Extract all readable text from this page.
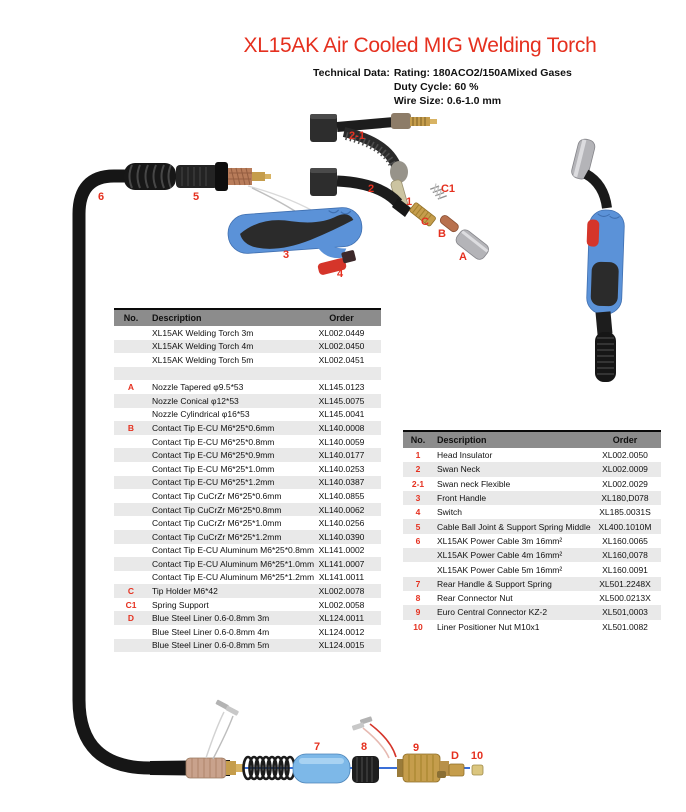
XL15AK Air Cooled MIG Welding Torch
Technical Data: Rating: 180ACO2/150AMixed Gases
Duty Cycle: 60 %
Wire Size: 0.6-1.0 mm
No.	Description	Order
	XL15AK Welding Torch 3m	XL002.0449
	XL15AK Welding Torch 4m	XL002.0450
	XL15AK Welding Torch 5m	XL002.0451

A	Nozzle Tapered φ9.5*53	XL145.0123
	Nozzle Conical φ12*53	XL145.0075
	Nozzle Cylindrical φ16*53	XL145.0041
B	Contact Tip E-CU M6*25*0.6mm	XL140.0008
	Contact Tip E-CU M6*25*0.8mm	XL140.0059
	Contact Tip E-CU M6*25*0.9mm	XL140.0177
	Contact Tip E-CU M6*25*1.0mm	XL140.0253
	Contact Tip E-CU M6*25*1.2mm	XL140.0387
	Contact Tip CuCrZr M6*25*0.6mm	XL140.0855
	Contact Tip CuCrZr M6*25*0.8mm	XL140.0062
	Contact Tip CuCrZr M6*25*1.0mm	XL140.0256
	Contact Tip CuCrZr M6*25*1.2mm	XL140.0390
	Contact Tip E-CU Aluminum M6*25*0.8mm	XL141.0002
	Contact Tip E-CU Aluminum M6*25*1.0mm	XL141.0007
	Contact Tip E-CU Aluminum M6*25*1.2mm	XL141.0011
C	Tip Holder M6*42	XL002.0078
C1	Spring Support	XL002.0058
D	Blue Steel Liner 0.6-0.8mm 3m	XL124.0011
	Blue Steel Liner 0.6-0.8mm 4m	XL124.0012
	Blue Steel Liner 0.6-0.8mm 5m	XL124.0015
No.	Description	Order
1	Head Insulator	XL002.0050
2	Swan Neck	XL002.0009
2-1	Swan neck Flexible	XL002.0029
3	Front Handle	XL180,D078
4	Switch	XL185.0031S
5	Cable Ball Joint & Support Spring Middle	XL400.1010M
6	XL15AK Power Cable 3m 16mm²	XL160.0065
	XL15AK Power Cable 4m 16mm²	XL160,0078
	XL15AK Power Cable 5m 16mm²	XL160.0091
7	Rear Handle & Support Spring	XL501.2248X
8	Rear Connector Nut	XL500.0213X
9	Euro Central Connector KZ-2	XL501,0003
10	Liner Positioner Nut M10x1	XL501.0082
6	5
2-1
2
1
C1
C
B
A
3
4
7	8	9
D 10
